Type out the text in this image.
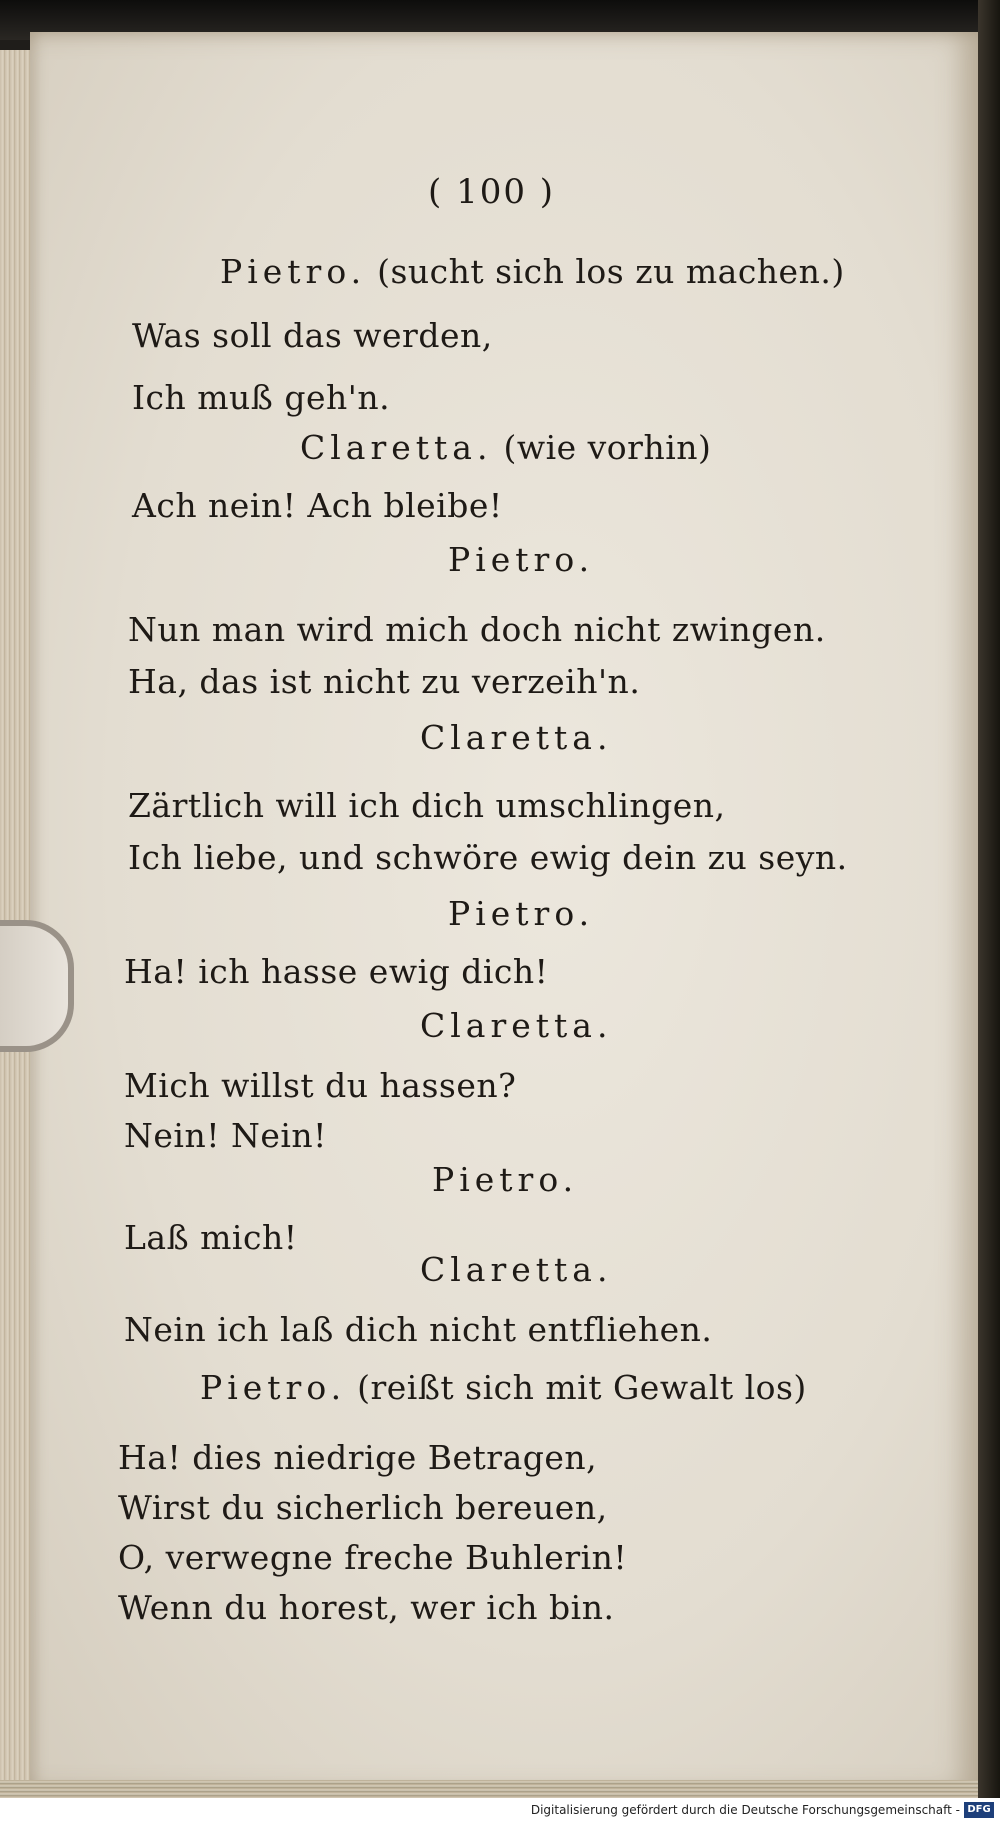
( 100 )
Pietro. (sucht sich los zu machen.)
Was soll das werden,
Ich muß geh'n.
Claretta. (wie vorhin)
Ach nein! Ach bleibe!
Pietro.
Nun man wird mich doch nicht zwingen.
Ha, das ist nicht zu verzeih'n.
Claretta.
Zärtlich will ich dich umschlingen,
Ich liebe, und schwöre ewig dein zu seyn.
Pietro.
Ha! ich hasse ewig dich!
Claretta.
Mich willst du hassen?
Nein! Nein!
Pietro.
Laß mich!
Claretta.
Nein ich laß dich nicht entfliehen.
Pietro. (reißt sich mit Gewalt los)
Ha! dies niedrige Betragen,
Wirst du sicherlich bereuen,
O, verwegne freche Buhlerin!
Wenn du horest, wer ich bin.
Digitalisierung gefördert durch die Deutsche Forschungsgemeinschaft - DFG
